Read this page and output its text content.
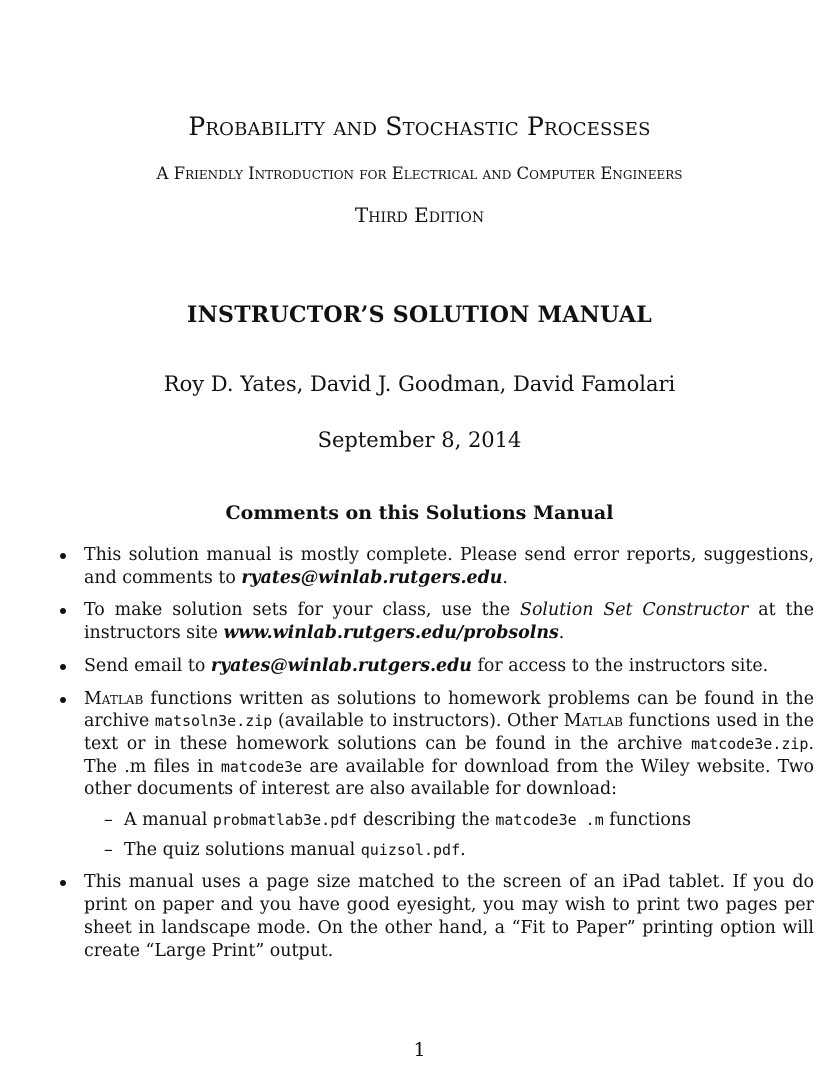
Probability and Stochastic Processes
A Friendly Introduction for Electrical and Computer Engineers
Third Edition
INSTRUCTOR’S SOLUTION MANUAL
Roy D. Yates, David J. Goodman, David Famolari
September 8, 2014
Comments on this Solutions Manual
This solution manual is mostly complete. Please send error reports, suggestions, and comments to ryates@winlab.rutgers.edu.
To make solution sets for your class, use the Solution Set Constructor at the instructors site www.winlab.rutgers.edu/probsolns.
Send email to ryates@winlab.rutgers.edu for access to the instructors site.
Matlab functions written as solutions to homework problems can be found in the archive matsoln3e.zip (available to instructors). Other Matlab functions used in the text or in these homework solutions can be found in the archive matcode3e.zip. The .m files in matcode3e are available for download from the Wiley website. Two other documents of interest are also available for download:
– A manual probmatlab3e.pdf describing the matcode3e .m functions
– The quiz solutions manual quizsol.pdf.
This manual uses a page size matched to the screen of an iPad tablet. If you do print on paper and you have good eyesight, you may wish to print two pages per sheet in landscape mode. On the other hand, a “Fit to Paper” printing option will create “Large Print” output.
1
